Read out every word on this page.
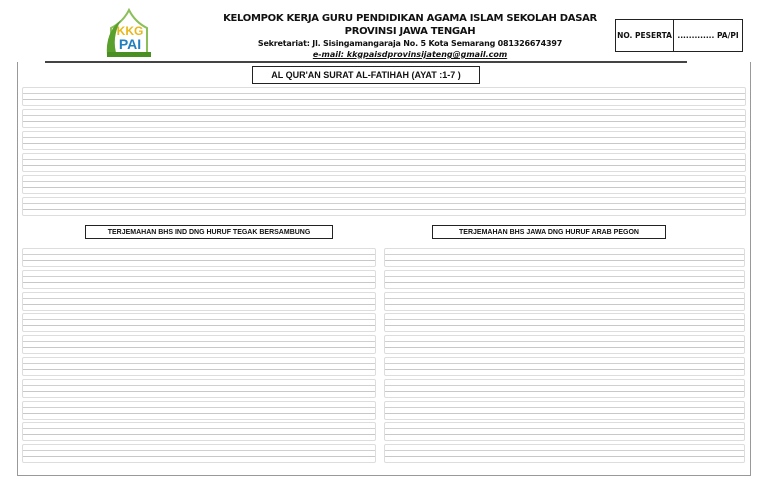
KKG
PAI
KELOMPOK KERJA GURU PENDIDIKAN AGAMA ISLAM SEKOLAH DASAR
PROVINSI JAWA TENGAH
Sekretariat: Jl. Sisingamangaraja No. 5 Kota Semarang 081326674397
e-mail: kkgpaisdprovinsijateng@gmail.com
NO. PESERTA ............. PA/PI
AL QUR'AN SURAT AL-FATIHAH (AYAT :1-7 )
TERJEMAHAN BHS IND DNG HURUF TEGAK BERSAMBUNG	TERJEMAHAN BHS JAWA DNG HURUF ARAB PEGON
